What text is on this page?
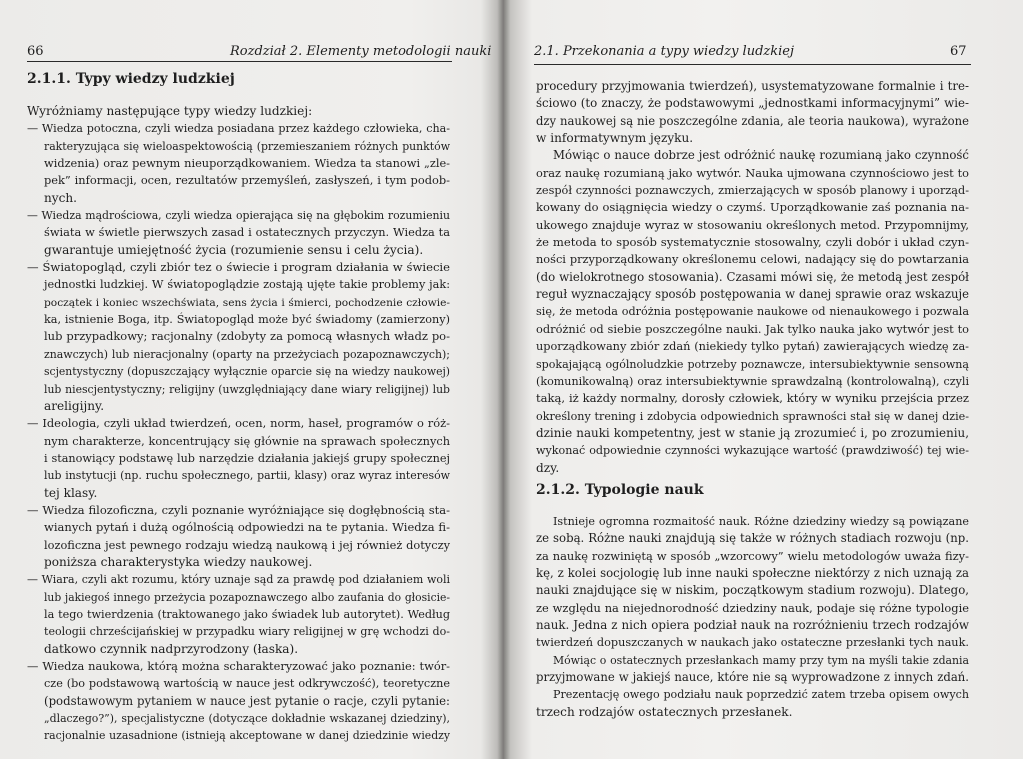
66	Rozdział 2. Elementy metodologii nauki
2.1.1. Typy wiedzy ludzkiej
Wyróżniamy następujące typy wiedzy ludzkiej:
— Wiedza potoczna, czyli wiedza posiadana przez każdego człowieka, cha-
rakteryzująca się wieloaspektowością (przemieszaniem różnych punktów
widzenia) oraz pewnym nieuporządkowaniem. Wiedza ta stanowi „zle-
pek” informacji, ocen, rezultatów przemyśleń, zasłyszeń, i tym podob-
nych.
— Wiedza mądrościowa, czyli wiedza opierająca się na głębokim rozumieniu
świata w świetle pierwszych zasad i ostatecznych przyczyn. Wiedza ta
gwarantuje umiejętność życia (rozumienie sensu i celu życia).
— Światopogląd, czyli zbiór tez o świecie i program działania w świecie
jednostki ludzkiej. W światopoglądzie zostają ujęte takie problemy jak:
początek i koniec wszechświata, sens życia i śmierci, pochodzenie człowie-
ka, istnienie Boga, itp. Światopogląd może być świadomy (zamierzony)
lub przypadkowy; racjonalny (zdobyty za pomocą własnych władz po-
znawczych) lub nieracjonalny (oparty na przeżyciach pozapoznawczych);
scjentystyczny (dopuszczający wyłącznie oparcie się na wiedzy naukowej)
lub niescjentystyczny; religijny (uwzględniający dane wiary religijnej) lub
areligijny.
— Ideologia, czyli układ twierdzeń, ocen, norm, haseł, programów o róż-
nym charakterze, koncentrujący się głównie na sprawach społecznych
i stanowiący podstawę lub narzędzie działania jakiejś grupy społecznej
lub instytucji (np. ruchu społecznego, partii, klasy) oraz wyraz interesów
tej klasy.
— Wiedza filozoficzna, czyli poznanie wyróżniające się dogłębnością sta-
wianych pytań i dużą ogólnością odpowiedzi na te pytania. Wiedza fi-
lozoficzna jest pewnego rodzaju wiedzą naukową i jej również dotyczy
poniższa charakterystyka wiedzy naukowej.
— Wiara, czyli akt rozumu, który uznaje sąd za prawdę pod działaniem woli
lub jakiegoś innego przeżycia pozapoznawczego albo zaufania do głosicie-
la tego twierdzenia (traktowanego jako świadek lub autorytet). Według
teologii chrześcijańskiej w przypadku wiary religijnej w grę wchodzi do-
datkowo czynnik nadprzyrodzony (łaska).
— Wiedza naukowa, którą można scharakteryzować jako poznanie: twór-
cze (bo podstawową wartością w nauce jest odkrywczość), teoretyczne
(podstawowym pytaniem w nauce jest pytanie o racje, czyli pytanie:
„dlaczego?”), specjalistyczne (dotyczące dokładnie wskazanej dziedziny),
racjonalnie uzasadnione (istnieją akceptowane w danej dziedzinie wiedzy
2.1. Przekonania a typy wiedzy ludzkiej	67
procedury przyjmowania twierdzeń), usystematyzowane formalnie i tre-
ściowo (to znaczy, że podstawowymi „jednostkami informacyjnymi” wie-
dzy naukowej są nie poszczególne zdania, ale teoria naukowa), wyrażone
w informatywnym języku.
Mówiąc o nauce dobrze jest odróżnić naukę rozumianą jako czynność
oraz naukę rozumianą jako wytwór. Nauka ujmowana czynnościowo jest to
zespół czynności poznawczych, zmierzających w sposób planowy i uporząd-
kowany do osiągnięcia wiedzy o czymś. Uporządkowanie zaś poznania na-
ukowego znajduje wyraz w stosowaniu określonych metod. Przypomnijmy,
że metoda to sposób systematycznie stosowalny, czyli dobór i układ czyn-
ności przyporządkowany określonemu celowi, nadający się do powtarzania
(do wielokrotnego stosowania). Czasami mówi się, że metodą jest zespół
reguł wyznaczający sposób postępowania w danej sprawie oraz wskazuje
się, że metoda odróżnia postępowanie naukowe od nienaukowego i pozwala
odróżnić od siebie poszczególne nauki. Jak tylko nauka jako wytwór jest to
uporządkowany zbiór zdań (niekiedy tylko pytań) zawierających wiedzę za-
spokajającą ogólnoludzkie potrzeby poznawcze, intersubiektywnie sensowną
(komunikowalną) oraz intersubiektywnie sprawdzalną (kontrolowalną), czyli
taką, iż każdy normalny, dorosły człowiek, który w wyniku przejścia przez
określony trening i zdobycia odpowiednich sprawności stał się w danej dzie-
dzinie nauki kompetentny, jest w stanie ją zrozumieć i, po zrozumieniu,
wykonać odpowiednie czynności wykazujące wartość (prawdziwość) tej wie-
dzy.
2.1.2. Typologie nauk
Istnieje ogromna rozmaitość nauk. Różne dziedziny wiedzy są powiązane
ze sobą. Różne nauki znajdują się także w różnych stadiach rozwoju (np.
za naukę rozwiniętą w sposób „wzorcowy” wielu metodologów uważa fizy-
kę, z kolei socjologię lub inne nauki społeczne niektórzy z nich uznają za
nauki znajdujące się w niskim, początkowym stadium rozwoju). Dlatego,
ze względu na niejednorodność dziedziny nauk, podaje się różne typologie
nauk. Jedna z nich opiera podział nauk na rozróżnieniu trzech rodzajów
twierdzeń dopuszczanych w naukach jako ostateczne przesłanki tych nauk.
Mówiąc o ostatecznych przesłankach mamy przy tym na myśli takie zdania
przyjmowane w jakiejś nauce, które nie są wyprowadzone z innych zdań.
Prezentację owego podziału nauk poprzedzić zatem trzeba opisem owych
trzech rodzajów ostatecznych przesłanek.
